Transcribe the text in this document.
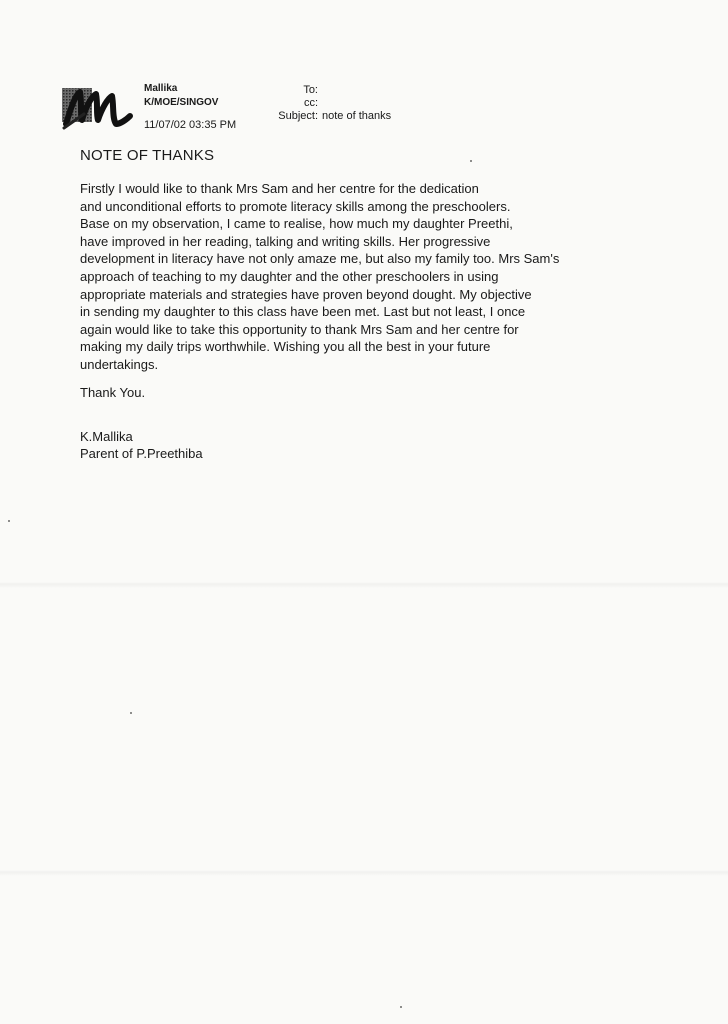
Mallika
K/MOE/SINGOV
11/07/02 03:35 PM
To:
cc:
Subject: note of thanks
NOTE OF THANKS
Firstly I would like to thank Mrs Sam and her centre for the dedication
and unconditional efforts to promote literacy skills among the preschoolers.
Base on my observation, I came to realise, how much my daughter Preethi,
have improved in her reading, talking and writing skills. Her progressive
development in literacy have not only amaze me, but also my family too. Mrs Sam's
approach of teaching to my daughter and the other preschoolers in using
appropriate materials and strategies have proven beyond dought. My objective
in sending my daughter to this class have been met. Last but not least, I once
again would like to take this opportunity to thank Mrs Sam and her centre for
making my daily trips worthwhile. Wishing you all the best in your future
undertakings.
Thank You.
K.Mallika
Parent of P.Preethiba
